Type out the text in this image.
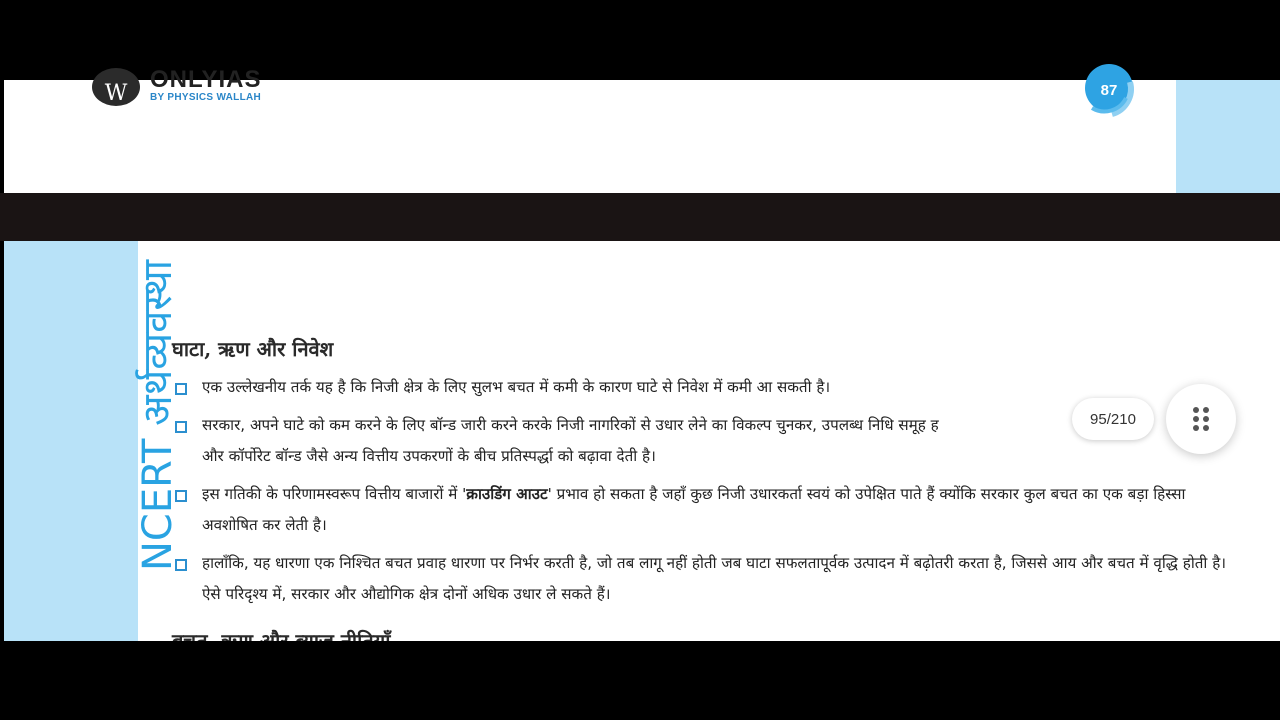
W
ONLYIAS
BY PHYSICS WALLAH	87
NCERT अर्थव्यवस्था
घाटा, ऋण और निवेश
एक उल्लेखनीय तर्क यह है कि निजी क्षेत्र के लिए सुलभ बचत में कमी के कारण घाटे से निवेश में कमी आ सकती है।
सरकार, अपने घाटे को कम करने के लिए बॉन्ड जारी करने करके निजी नागरिकों से उधार लेने का विकल्प चुनकर, उपलब्ध निधि समूह ह
और कॉर्पोरेट बॉन्ड जैसे अन्य वित्तीय उपकरणों के बीच प्रतिस्पर्द्धा को बढ़ावा देती है।
इस गतिकी के परिणामस्वरूप वित्तीय बाजारों में 'क्राउडिंग आउट' प्रभाव हो सकता है जहाँ कुछ निजी उधारकर्ता स्वयं को उपेक्षित पाते हैं क्योंकि सरकार कुल बचत का एक बड़ा हिस्सा अवशोषित कर लेती है।
हालाँकि, यह धारणा एक निश्चित बचत प्रवाह धारणा पर निर्भर करती है, जो तब लागू नहीं होती जब घाटा सफलतापूर्वक उत्पादन में बढ़ोतरी करता है, जिससे आय और बचत में वृद्धि होती है। ऐसे परिदृश्य में, सरकार और औद्योगिक क्षेत्र दोनों अधिक उधार ले सकते हैं।
95/210
